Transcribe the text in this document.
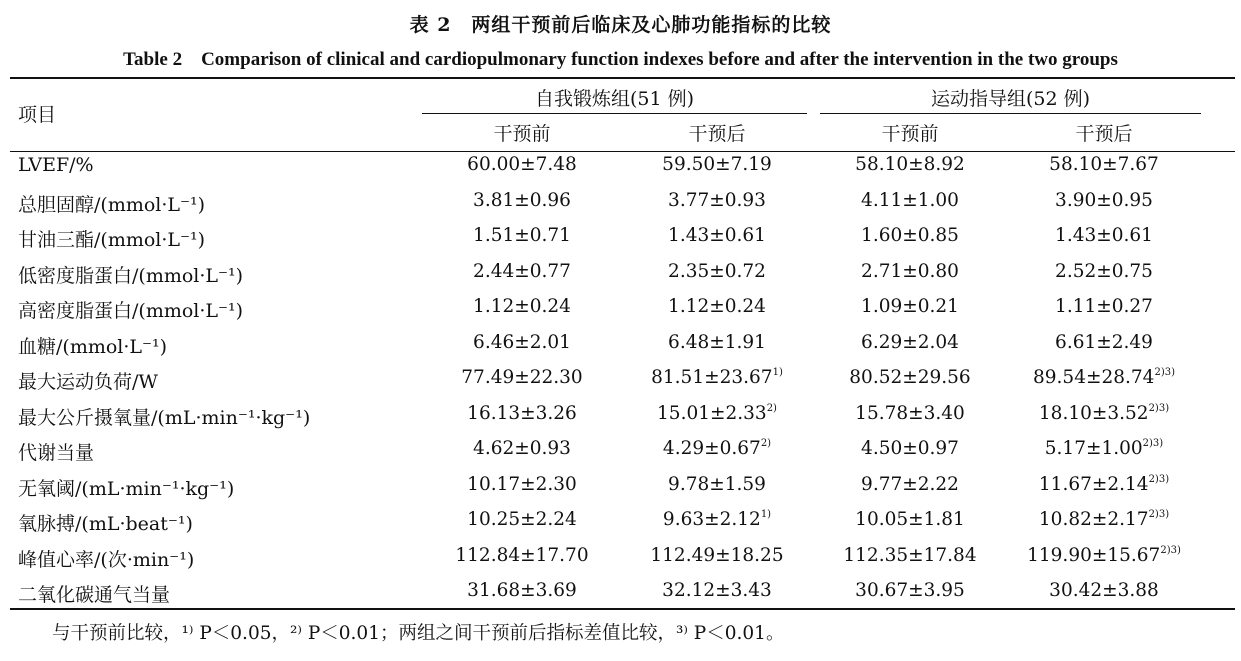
表 2　两组干预前后临床及心肺功能指标的比较
Table 2　Comparison of clinical and cardiopulmonary function indexes before and after the intervention in the two groups
项目
自我锻炼组(51 例)	运动指导组(52 例)
干预前	干预后	干预前	干预后
LVEF/%	60.00±7.48	59.50±7.19	58.10±8.92	58.10±7.67
总胆固醇/(mmol·L⁻¹)	3.81±0.96	3.77±0.93	4.11±1.00	3.90±0.95
甘油三酯/(mmol·L⁻¹)	1.51±0.71	1.43±0.61	1.60±0.85	1.43±0.61
低密度脂蛋白/(mmol·L⁻¹)	2.44±0.77	2.35±0.72	2.71±0.80	2.52±0.75
高密度脂蛋白/(mmol·L⁻¹)	1.12±0.24	1.12±0.24	1.09±0.21	1.11±0.27
血糖/(mmol·L⁻¹)	6.46±2.01	6.48±1.91	6.29±2.04	6.61±2.49
最大运动负荷/W	77.49±22.30	$81.51\pm 23.67^{1)}$	80.52±29.56	$89.54\pm 28.74^{2)3)}$
最大公斤摄氧量/(mL·min⁻¹·kg⁻¹)	16.13±3.26	$15.01\pm 2.33^{2)}$	15.78±3.40	$18.10\pm 3.52^{2)3)}$
代谢当量	4.62±0.93	$4.29\pm 0.67^{2)}$	4.50±0.97	$5.17\pm 1.00^{2)3)}$
无氧阈/(mL·min⁻¹·kg⁻¹)	10.17±2.30	9.78±1.59	9.77±2.22	$11.67\pm 2.14^{2)3)}$
氧脉搏/(mL·beat⁻¹)	10.25±2.24	$9.63\pm 2.12^{1)}$	10.05±1.81	$10.82\pm 2.17^{2)3)}$
峰值心率/(次·min⁻¹)	112.84±17.70	112.49±18.25	112.35±17.84	$119.90\pm 15.67^{2)3)}$
二氧化碳通气当量	31.68±3.69	32.12±3.43	30.67±3.95	30.42±3.88
与干预前比较，¹⁾ P＜0.05，²⁾ P＜0.01；两组之间干预前后指标差值比较，³⁾ P＜0.01。
